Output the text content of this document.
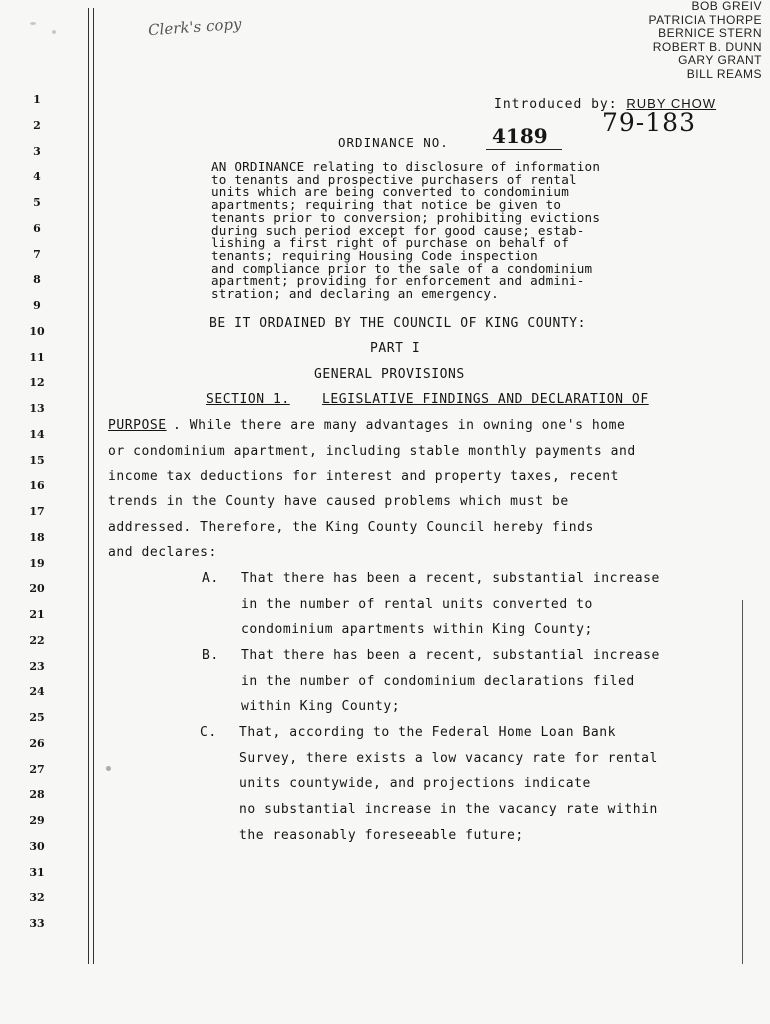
1
2
3
4
5
6
7
8
9
10
11
12
13
14
15
16
17
18
19
20
21
22
23
24
25
26
27
28
29
30
31
32
33
Clerk's copy
BOB GREIV
PATRICIA THORPE
BERNICE STERN
ROBERT B. DUNN
GARY GRANT
BILL REAMS
Introduced by: RUBY CHOW
ORDINANCE NO.	4189	79-183
AN ORDINANCE relating to disclosure of information
to tenants and prospective purchasers of rental
units which are being converted to condominium
apartments; requiring that notice be given to
tenants prior to conversion; prohibiting evictions
during such period except for good cause; estab-
lishing a first right of purchase on behalf of
tenants; requiring Housing Code inspection
and compliance prior to the sale of a condominium
apartment; providing for enforcement and admini-
stration; and declaring an emergency.
BE IT ORDAINED BY THE COUNCIL OF KING COUNTY:
PART I
GENERAL PROVISIONS
SECTION 1. LEGISLATIVE FINDINGS AND DECLARATION OF
PURPOSE . While there are many advantages in owning one's home
or condominium apartment, including stable monthly payments and
income tax deductions for interest and property taxes, recent
trends in the County have caused problems which must be
addressed. Therefore, the King County Council hereby finds
and declares:
A. That there has been a recent, substantial increase
in the number of rental units converted to
condominium apartments within King County;
B. That there has been a recent, substantial increase
in the number of condominium declarations filed
within King County;
C. That, according to the Federal Home Loan Bank
Survey, there exists a low vacancy rate for rental
units countywide, and projections indicate
no substantial increase in the vacancy rate within
the reasonably foreseeable future;
